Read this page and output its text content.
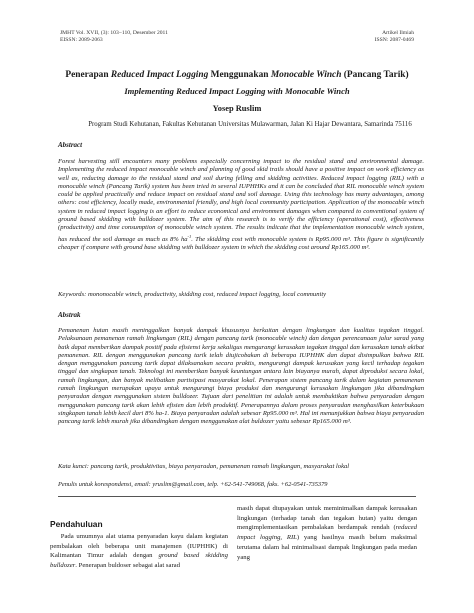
JMHT Vol. XVII, (3): 103−110, Desember 2011
EISSN: 2089-2063
Artikel Ilmiah
ISSN: 2087-0469
Penerapan Reduced Impact Logging Menggunakan Monocable Winch (Pancang Tarik)
Implementing Reduced Impact Logging with Monocable Winch
Yosep Ruslim
Program Studi Kehutanan, Fakultas Kehutanan Universitas Mulawarman, Jalan Ki Hajar Dewantara, Samarinda 75116
Abstract
Forest harvesting still encounters many problems especially concerning impact to the residual stand and environmental damage. Implementing the reduced impact monocable winch and planning of good skid trails should have a positive impact on work efficiency as well as, reducing damage to the residual stand and soil during felling and skidding activities. Reduced impact logging (RIL) with a monocable winch (Pancang Tarik) system has been tried in several IUPHHKs and it can be concluded that RIL monocable winch system could be applied practically and reduce impact on residual stand and soil damage. Using this technology has many advantages, among others: cost efficiency, locally made, environmental friendly, and high local community participation. Application of the monocable winch system in reduced impact logging is an effort to reduce economical and environment damages when compared to conventional system of ground based skidding with bulldozer system. The aim of this research is to verify the efficiency (operational cost), effectiveness (productivity) and time consumption of monocable winch system. The results indicate that the implementation monocable winch system, has reduced the soil damage as much as 8% $ha^{-1}$. The skidding cost with monocable system is Rp95.000 m³. This figure is significantly cheaper if compare with ground base skidding with bulldozer system in which the skidding cost around Rp165.000 m³.
Keywords: mononocable winch, productivity, skidding cost, reduced impact logging, local community
Abstrak
Pemanenan hutan masih meninggalkan banyak dampak khususnya berkaitan dengan lingkungan dan kualitas tegakan tinggal. Pelaksanaan pemanenan ramah lingkungan (RIL) dengan pancang tarik (monocable winch) dan dengan perencanaan jalur sarad yang baik dapat memberikan dampak positif pada efisiensi kerja sekaligus mengurangi kerusakan tegakan tinggal dan kerusakan tanah akibat pemanenan. RIL dengan menggunakan pancang tarik telah diujicobakan di beberapa IUPHHK dan dapat disimpulkan bahwa RIL dengan menggunakan pancang tarik dapat dilaksanakan secara praktis, mengurangi dampak kerusakan yang kecil terhadap tegakan tinggal dan singkapan tanah. Teknologi ini memberikan banyak keuntungan antara lain biayanya murah, dapat diproduksi secara lokal, ramah lingkungan, dan banyak melibatkan partisipasi masyarakat lokal. Penerapan sistem pancang tarik dalam kegiatan pemanenan ramah lingkungan merupakan upaya untuk mengurangi biaya produksi dan mengurangi kerusakan lingkungan jika dibandingkan penyaradan dengan menggunakan sistem bulldozer. Tujuan dari penelitian ini adalah untuk membuktikan bahwa penyaradan dengan menggunakan pancang tarik akan lebih efisien dan lebih produktif. Penerapannya dalam proses penyaradan menghasilkan keterbukaan singkapan tanah lebih kecil dari 8% ha-1. Biaya penyaradan adalah sebesar Rp95.000 m³. Hal ini menunjukkan bahwa biaya penyaradan pancang tarik lebih murah jika dibandingkan dengan menggunakan alat buldozer yaitu sebesar Rp165.000 m³.
Kata kunci: pancang tarik, produktivitas, biaya penyaradan, pemanenan ramah lingkungan, masyarakat lokal
Penulis untuk korespondensi, email: yruslim@gmail.com, telp. +62-541-749068, faks. +62-0541-735379
Pendahuluan
Pada umumnya alat utama penyaradan kayu dalam kegiatan pembalakan oleh beberapa unit manajemen (IUPHHK) di Kalimantan Timur adalah dengan ground based skidding bulldozer. Penerapan buldoser sebagai alat sarad
masih dapat diupayakan untuk meminimalkan dampak kerusakan lingkungan (terhadap tanah dan tegakan hutan) yaitu dengan mengimplementasikan pembalakan berdampak rendah (reduced impact logging, RIL) yang hasilnya masih belum maksimal terutama dalam hal minimalisasi dampak lingkungan pada medan yang
